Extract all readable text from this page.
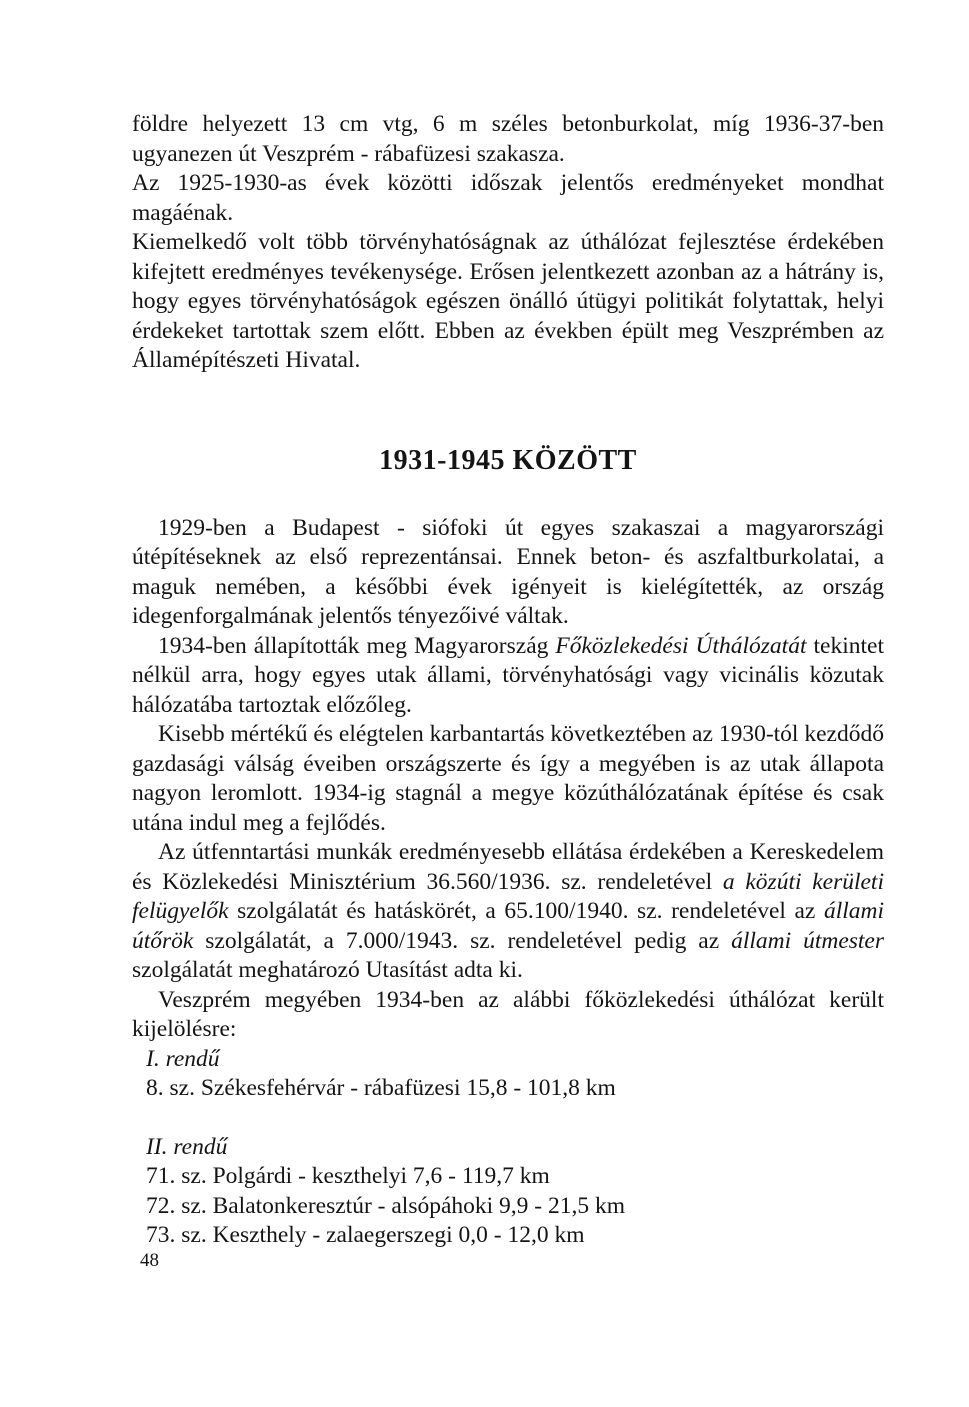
földre helyezett 13 cm vtg, 6 m széles betonburkolat, míg 1936-37-ben ugyanezen út Veszprém - rábafüzesi szakasza.

Az 1925-1930-as évek közötti időszak jelentős eredményeket mondhat magáénak.

Kiemelkedő volt több törvényhatóságnak az úthálózat fejlesztése érdekében kifejtett eredményes tevékenysége. Erősen jelentkezett azonban az a hátrány is, hogy egyes törvényhatóságok egészen önálló útügyi politikát folytattak, helyi érdekeket tartottak szem előtt. Ebben az években épült meg Veszprémben az Államépítészeti Hivatal.

1931-1945 KÖZÖTT

1929-ben a Budapest - siófoki út egyes szakaszai a magyarországi útépítéseknek az első reprezentánsai. Ennek beton- és aszfaltburkolatai, a maguk nemében, a későbbi évek igényeit is kielégítették, az ország idegenforgalmának jelentős tényezőivé váltak.

1934-ben állapították meg Magyarország Főközlekedési Úthálózatát tekintet nélkül arra, hogy egyes utak állami, törvényhatósági vagy vicinális közutak hálózatába tartoztak előzőleg.

Kisebb mértékű és elégtelen karbantartás következtében az 1930-tól kezdődő gazdasági válság éveiben országszerte és így a megyében is az utak állapota nagyon leromlott. 1934-ig stagnál a megye közúthálózatának építése és csak utána indul meg a fejlődés.

Az útfenntartási munkák eredményesebb ellátása érdekében a Kereskedelem és Közlekedési Minisztérium 36.560/1936. sz. rendeletével a közúti kerületi felügyelők szolgálatát és hatáskörét, a 65.100/1940. sz. rendeletével az állami útőrök szolgálatát, a 7.000/1943. sz. rendeletével pedig az állami útmester szolgálatát meghatározó Utasítást adta ki.

Veszprém megyében 1934-ben az alábbi főközlekedési úthálózat került kijelölésre:

I. rendű
8. sz. Székesfehérvár - rábafüzesi 15,8 - 101,8 km
II. rendű
71. sz. Polgárdi - keszthelyi 7,6 - 119,7 km
72. sz. Balatonkeresztúr - alsópáhoki 9,9 - 21,5 km
73. sz. Keszthely - zalaegerszegi 0,0 - 12,0 km
48
